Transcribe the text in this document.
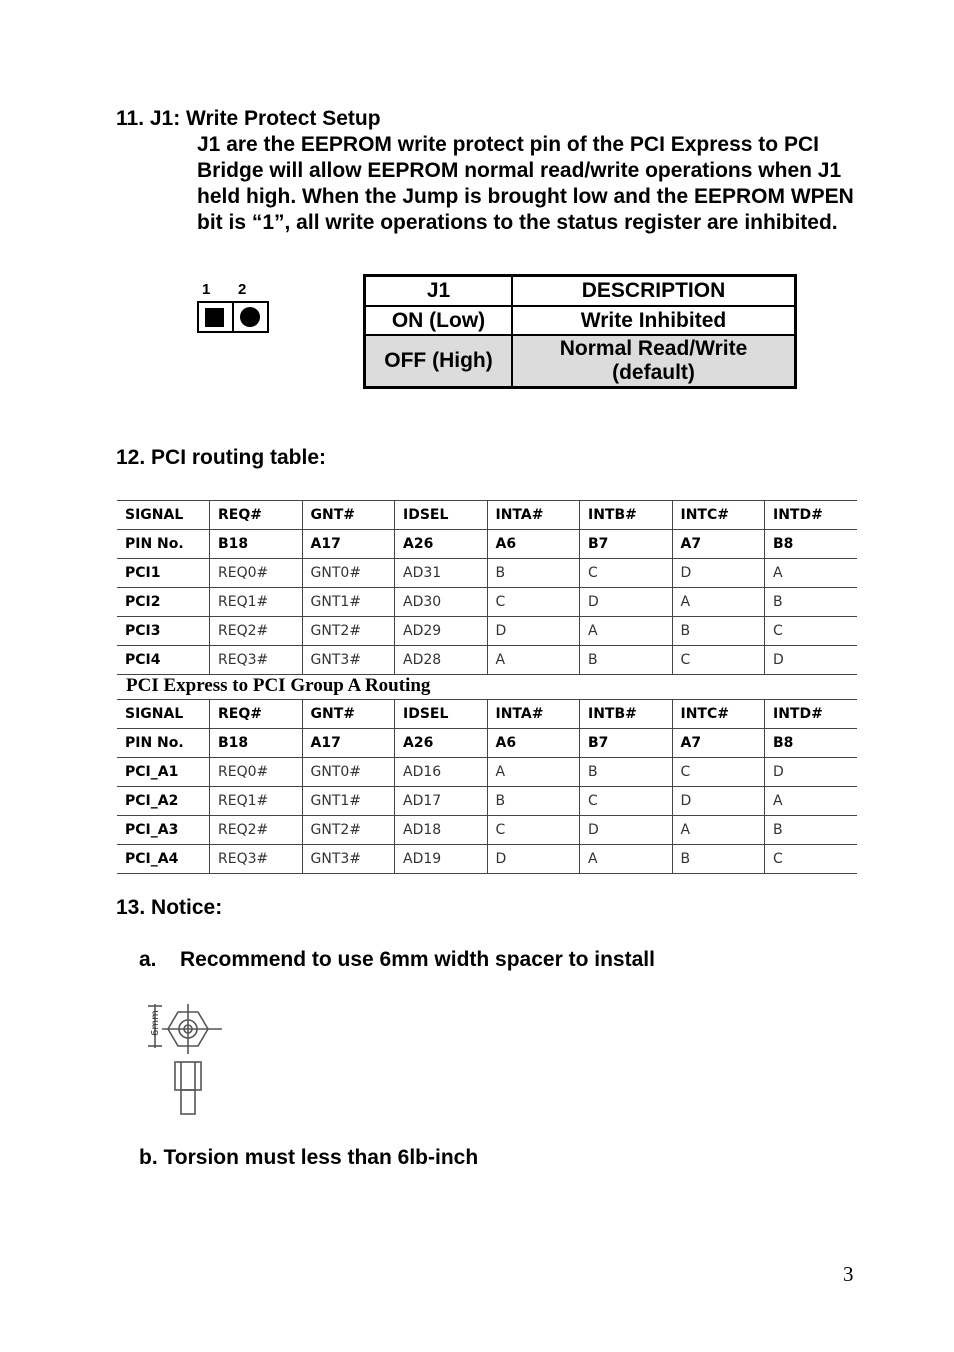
11. J1: Write Protect Setup
J1 are the EEPROM write protect pin of the PCI Express to PCI Bridge will allow EEPROM normal read/write operations when J1 held high. When the Jump is brought low and the EEPROM WPEN bit is “1”, all write operations to the status register are inhibited.
1 2	J1	DESCRIPTION
ON (Low)	Write Inhibited
OFF (High)	Normal Read/Write (default)
12. PCI routing table:
SIGNAL	REQ#	GNT#	IDSEL	INTA#	INTB#	INTC#	INTD#
PIN No.	B18	A17	A26	A6	B7	A7	B8
PCI1	REQ0#	GNT0#	AD31	B	C	D	A
PCI2	REQ1#	GNT1#	AD30	C	D	A	B
PCI3	REQ2#	GNT2#	AD29	D	A	B	C
PCI4	REQ3#	GNT3#	AD28	A	B	C	D
PCI Express to PCI Group A Routing
SIGNAL	REQ#	GNT#	IDSEL	INTA#	INTB#	INTC#	INTD#
PIN No.	B18	A17	A26	A6	B7	A7	B8
PCI_A1	REQ0#	GNT0#	AD16	A	B	C	D
PCI_A2	REQ1#	GNT1#	AD17	B	C	D	A
PCI_A3	REQ2#	GNT2#	AD18	C	D	A	B
PCI_A4	REQ3#	GNT3#	AD19	D	A	B	C
13. Notice:
a. Recommend to use 6mm width spacer to install
6mm
b. Torsion must less than 6lb-inch
3
